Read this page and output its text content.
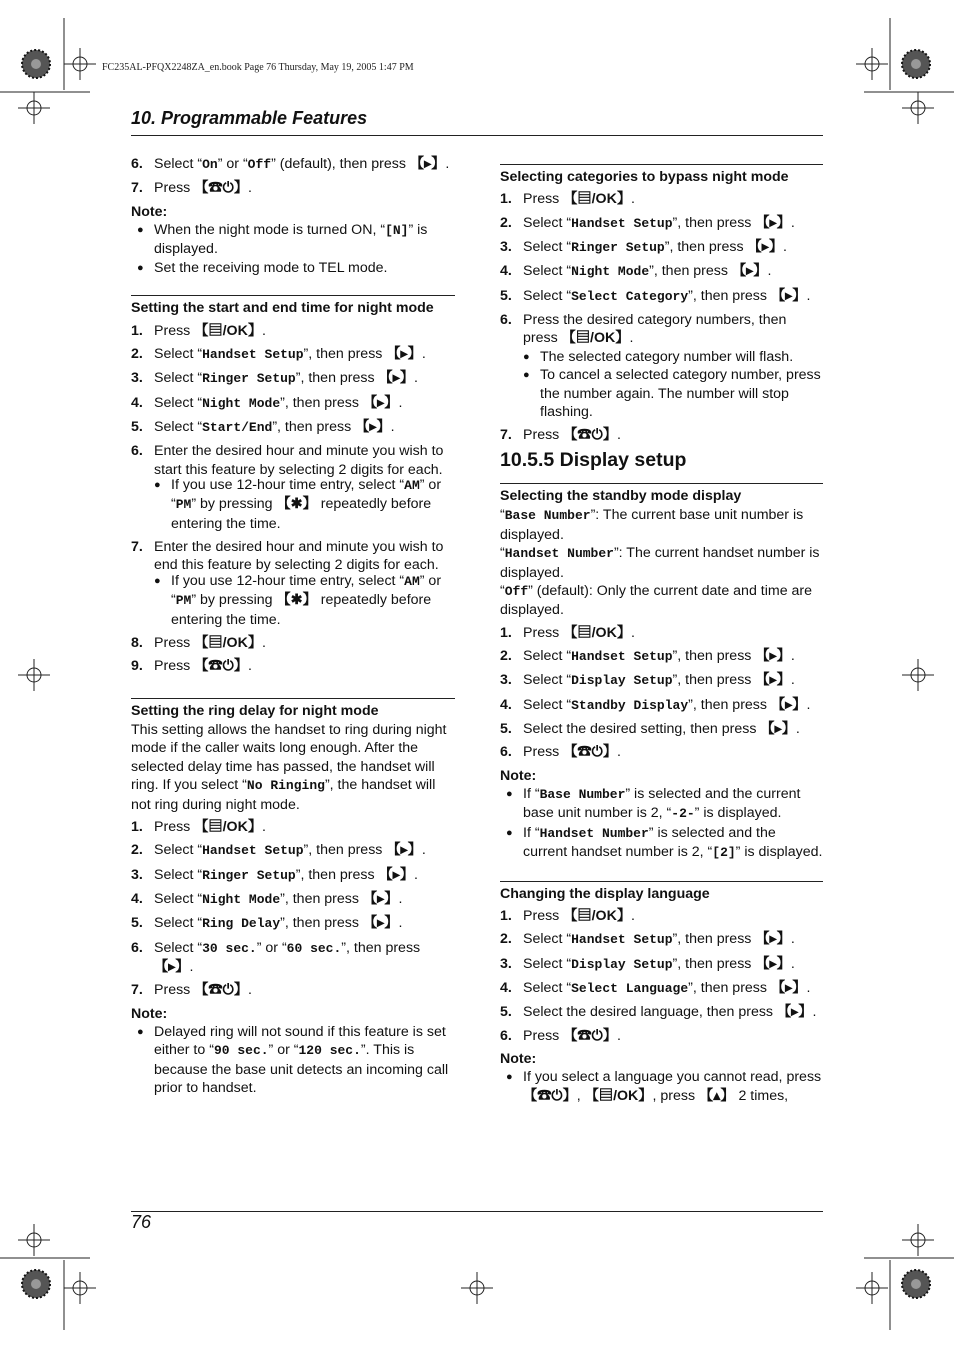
FC235AL-PFQX2248ZA_en.book Page 76 Thursday, May 19, 2005 1:47 PM
10. Programmable Features
6. Select “On” or “Off” (default), then press 【▸】.
7. Press 【☎⏻】.
Note:
● When the night mode is turned ON, “[N]” is displayed.
● Set the receiving mode to TEL mode.
Setting the start and end time for night mode
1. Press 【▤/OK】.
2. Select “Handset Setup”, then press 【▸】.
3. Select “Ringer Setup”, then press 【▸】.
4. Select “Night Mode”, then press 【▸】.
5. Select “Start/End”, then press 【▸】.
6. Enter the desired hour and minute you wish to start this feature by selecting 2 digits for each.
● If you use 12-hour time entry, select “AM” or “PM” by pressing 【✱】 repeatedly before entering the time.
7. Enter the desired hour and minute you wish to end this feature by selecting 2 digits for each.
● If you use 12-hour time entry, select “AM” or “PM” by pressing 【✱】 repeatedly before entering the time.
8. Press 【▤/OK】.
9. Press 【☎⏻】.
Setting the ring delay for night mode
This setting allows the handset to ring during night mode if the caller waits long enough. After the selected delay time has passed, the handset will ring. If you select “No Ringing”, the handset will not ring during night mode.
1. Press 【▤/OK】.
2. Select “Handset Setup”, then press 【▸】.
3. Select “Ringer Setup”, then press 【▸】.
4. Select “Night Mode”, then press 【▸】.
5. Select “Ring Delay”, then press 【▸】.
6. Select “30 sec.” or “60 sec.”, then press 【▸】.
7. Press 【☎⏻】.
Note:
● Delayed ring will not sound if this feature is set either to “90 sec.” or “120 sec.”. This is because the base unit detects an incoming call prior to handset.
Selecting categories to bypass night mode
1. Press 【▤/OK】.
2. Select “Handset Setup”, then press 【▸】.
3. Select “Ringer Setup”, then press 【▸】.
4. Select “Night Mode”, then press 【▸】.
5. Select “Select Category”, then press 【▸】.
6. Press the desired category numbers, then press 【▤/OK】.
● The selected category number will flash.
● To cancel a selected category number, press the number again. The number will stop flashing.
7. Press 【☎⏻】.
10.5.5 Display setup
Selecting the standby mode display
“Base Number”: The current base unit number is displayed.
“Handset Number”: The current handset number is displayed.
“Off” (default): Only the current date and time are displayed.
1. Press 【▤/OK】.
2. Select “Handset Setup”, then press 【▸】.
3. Select “Display Setup”, then press 【▸】.
4. Select “Standby Display”, then press 【▸】.
5. Select the desired setting, then press 【▸】.
6. Press 【☎⏻】.
Note:
● If “Base Number” is selected and the current base unit number is 2, “-2-” is displayed.
● If “Handset Number” is selected and the current handset number is 2, “[2]” is displayed.
Changing the display language
1. Press 【▤/OK】.
2. Select “Handset Setup”, then press 【▸】.
3. Select “Display Setup”, then press 【▸】.
4. Select “Select Language”, then press 【▸】.
5. Select the desired language, then press 【▸】.
6. Press 【☎⏻】.
Note:
● If you select a language you cannot read, press 【☎⏻】, 【▤/OK】, press 【▴】 2 times,
76
